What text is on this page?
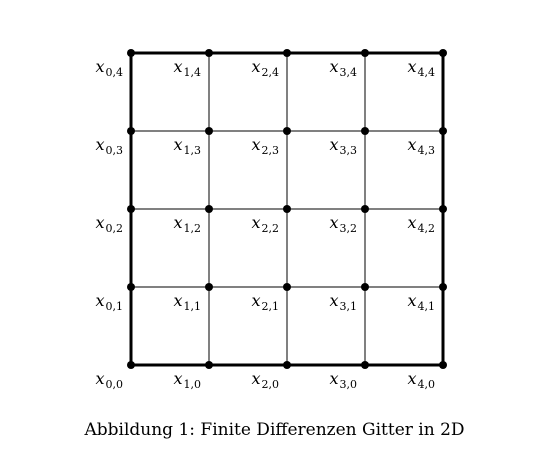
$x_{0,0}$	$x_{1,0}$	$x_{2,0}$	$x_{3,0}$	$x_{4,0}$
$x_{0,1}$	$x_{1,1}$	$x_{2,1}$	$x_{3,1}$	$x_{4,1}$
$x_{0,2}$	$x_{1,2}$	$x_{2,2}$	$x_{3,2}$	$x_{4,2}$
$x_{0,3}$	$x_{1,3}$	$x_{2,3}$	$x_{3,3}$	$x_{4,3}$
$x_{0,4}$	$x_{1,4}$	$x_{2,4}$	$x_{3,4}$	$x_{4,4}$
Abbildung 1: Finite Differenzen Gitter in 2D
